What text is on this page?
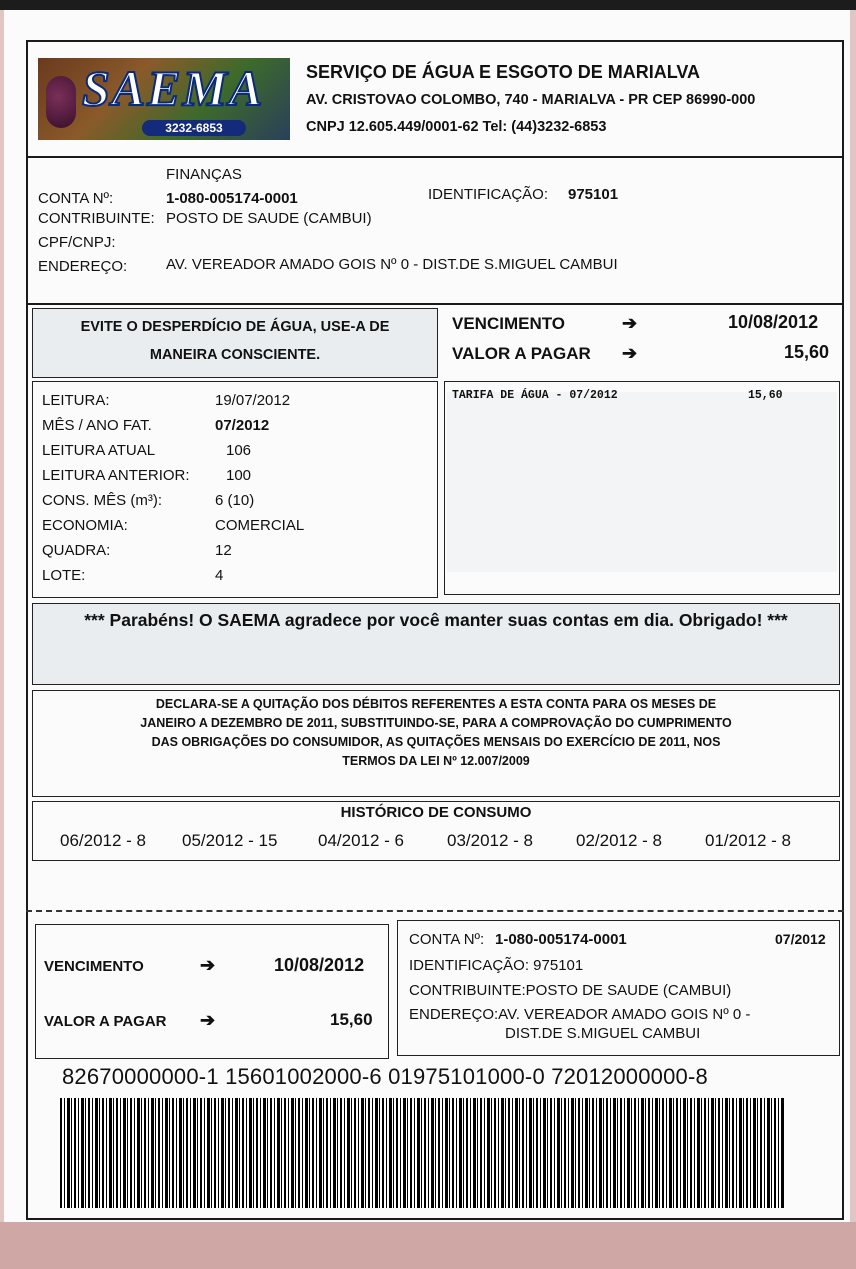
SAEMA
3232-6853
SERVIÇO DE ÁGUA E ESGOTO DE MARIALVA
AV. CRISTOVAO COLOMBO, 740 - MARIALVA - PR CEP 86990-000
CNPJ 12.605.449/0001-62 Tel: (44)3232-6853
FINANÇAS
CONTA Nº:	1-080-005174-0001	IDENTIFICAÇÃO: 975101
CONTRIBUINTE: POSTO DE SAUDE (CAMBUI)
CPF/CNPJ:
ENDEREÇO:	AV. VEREADOR AMADO GOIS Nº 0 - DIST.DE S.MIGUEL CAMBUI
EVITE O DESPERDÍCIO DE ÁGUA, USE-A DE
MANEIRA CONSCIENTE.
VENCIMENTO	➔	10/08/2012
VALOR A PAGAR ➔	15,60
LEITURA:	19/07/2012
MÊS / ANO FAT.	07/2012
LEITURA ATUAL	106
LEITURA ANTERIOR: 100
CONS. MÊS (m³):	6 (10)
ECONOMIA:	COMERCIAL
QUADRA:	12
LOTE:	4
TARIFA DE ÁGUA - 07/2012	15,60
*** Parabéns! O SAEMA agradece por você manter suas contas em dia. Obrigado! ***
DECLARA-SE A QUITAÇÃO DOS DÉBITOS REFERENTES A ESTA CONTA PARA OS MESES DE
JANEIRO A DEZEMBRO DE 2011, SUBSTITUINDO-SE, PARA A COMPROVAÇÃO DO CUMPRIMENTO
DAS OBRIGAÇÕES DO CONSUMIDOR, AS QUITAÇÕES MENSAIS DO EXERCÍCIO DE 2011, NOS
TERMOS DA LEI Nº 12.007/2009
HISTÓRICO DE CONSUMO
06/2012 - 8 05/2012 - 15 04/2012 - 6	03/2012 - 8	02/2012 - 8	01/2012 - 8
VENCIMENTO	➔	10/08/2012
VALOR A PAGAR ➔	15,60
CONTA Nº: 1-080-005174-0001	07/2012
IDENTIFICAÇÃO: 975101
CONTRIBUINTE:POSTO DE SAUDE (CAMBUI)
ENDEREÇO:AV. VEREADOR AMADO GOIS Nº 0 -
DIST.DE S.MIGUEL CAMBUI
82670000000-1 15601002000-6 01975101000-0 72012000000-8
